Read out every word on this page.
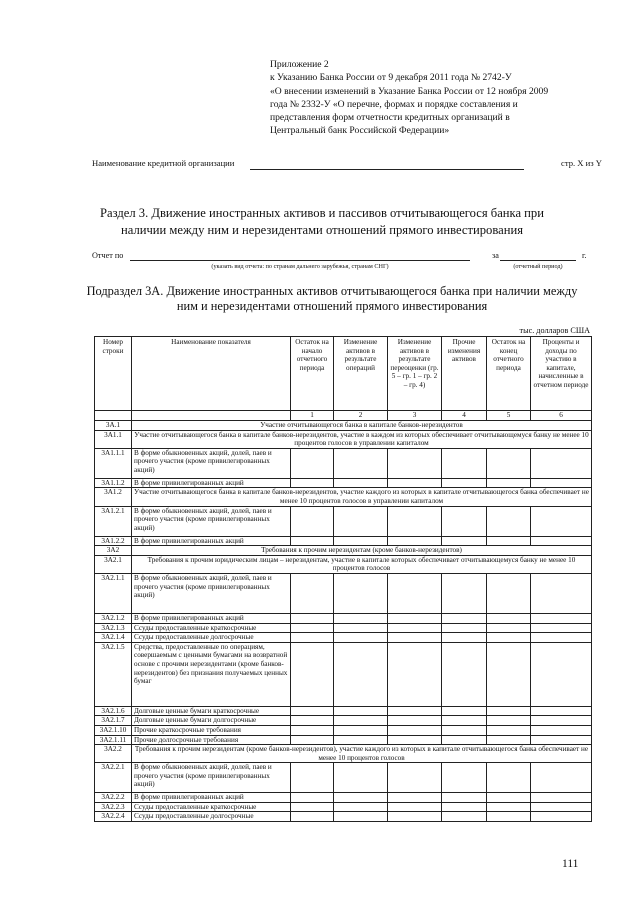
Приложение 2
к Указанию Банка России от 9 декабря 2011 года № 2742-У
«О внесении изменений в Указание Банка России от 12 ноября 2009
года № 2332-У «О перечне, формах и порядке составления и
представления форм отчетности кредитных организаций в
Центральный банк Российской Федерации»
Наименование кредитной организации	стр. X из Y
Раздел 3. Движение иностранных активов и пассивов отчитывающегося банка при наличии между ним и нерезидентами отношений прямого инвестирования
Отчет по
(указать вид отчета: по странам дальнего зарубежья, странам СНГ)
за
(отчетный период)
г.
Подраздел 3А. Движение иностранных активов отчитывающегося банка при наличии между ним и нерезидентами отношений прямого инвестирования
тыс. долларов США
Номер строки	Наименование показателя	Остаток на начало отчетного периода	Изменение активов в результате операций	Изменение активов в результате переоценки (гр. 5 – гр. 1 – гр. 2 – гр. 4)	Прочие изменения активов	Остаток на конец отчетного периода	Проценты и доходы по участию в капитале, начисленные в отчетном периоде
		1	2	3	4	5	6
3А.1	Участие отчитывающегося банка в капитале банков-нерезидентов						
3А1.1	Участие отчитывающегося банка в капитале банков-нерезидентов, участие в каждом из которых обеспечивает отчитывающемуся банку не менее 10 процентов голосов в управлении капиталом						
3А1.1.1	В форме обыкновенных акций, долей, паев и прочего участия (кроме привилегированных акций)						
3А1.1.2	В форме привилегированных акций						
3А1.2	Участие отчитывающегося банка в капитале банков-нерезидентов, участие каждого из которых в капитале отчитывающегося банка обеспечивает не менее 10 процентов голосов в управлении капиталом						
3А1.2.1	В форме обыкновенных акций, долей, паев и прочего участия (кроме привилегированных акций)						
3А1.2.2	В форме привилегированных акций						
3А2	Требования к прочим нерезидентам (кроме банков-нерезидентов)						
3А2.1	Требования к прочим юридическим лицам – нерезидентам, участие в капитале которых обеспечивает отчитывающемуся банку не менее 10 процентов голосов						
3А2.1.1	В форме обыкновенных акций, долей, паев и прочего участия (кроме привилегированных акций)						
3А2.1.2	В форме привилегированных акций						
3А2.1.3	Ссуды предоставленные краткосрочные						
3А2.1.4	Ссуды предоставленные долгосрочные						
3А2.1.5	Средства, предоставленные по операциям, совершаемым с ценными бумагами на возвратной основе с прочими нерезидентами (кроме банков-нерезидентов) без признания получаемых ценных бумаг						
3А2.1.6	Долговые ценные бумаги краткосрочные						
3А2.1.7	Долговые ценные бумаги долгосрочные						
3А2.1.10	Прочие краткосрочные требования						
3А2.1.11	Прочие долгосрочные требования						
3А2.2	Требования к прочим нерезидентам (кроме банков-нерезидентов), участие каждого из которых в капитале отчитывающегося банка обеспечивает не менее 10 процентов голосов						
3А2.2.1	В форме обыкновенных акций, долей, паев и прочего участия (кроме привилегированных акций)						
3А2.2.2	В форме привилегированных акций						
3А2.2.3	Ссуды предоставленные краткосрочные						
3А2.2.4	Ссуды предоставленные долгосрочные						
111
